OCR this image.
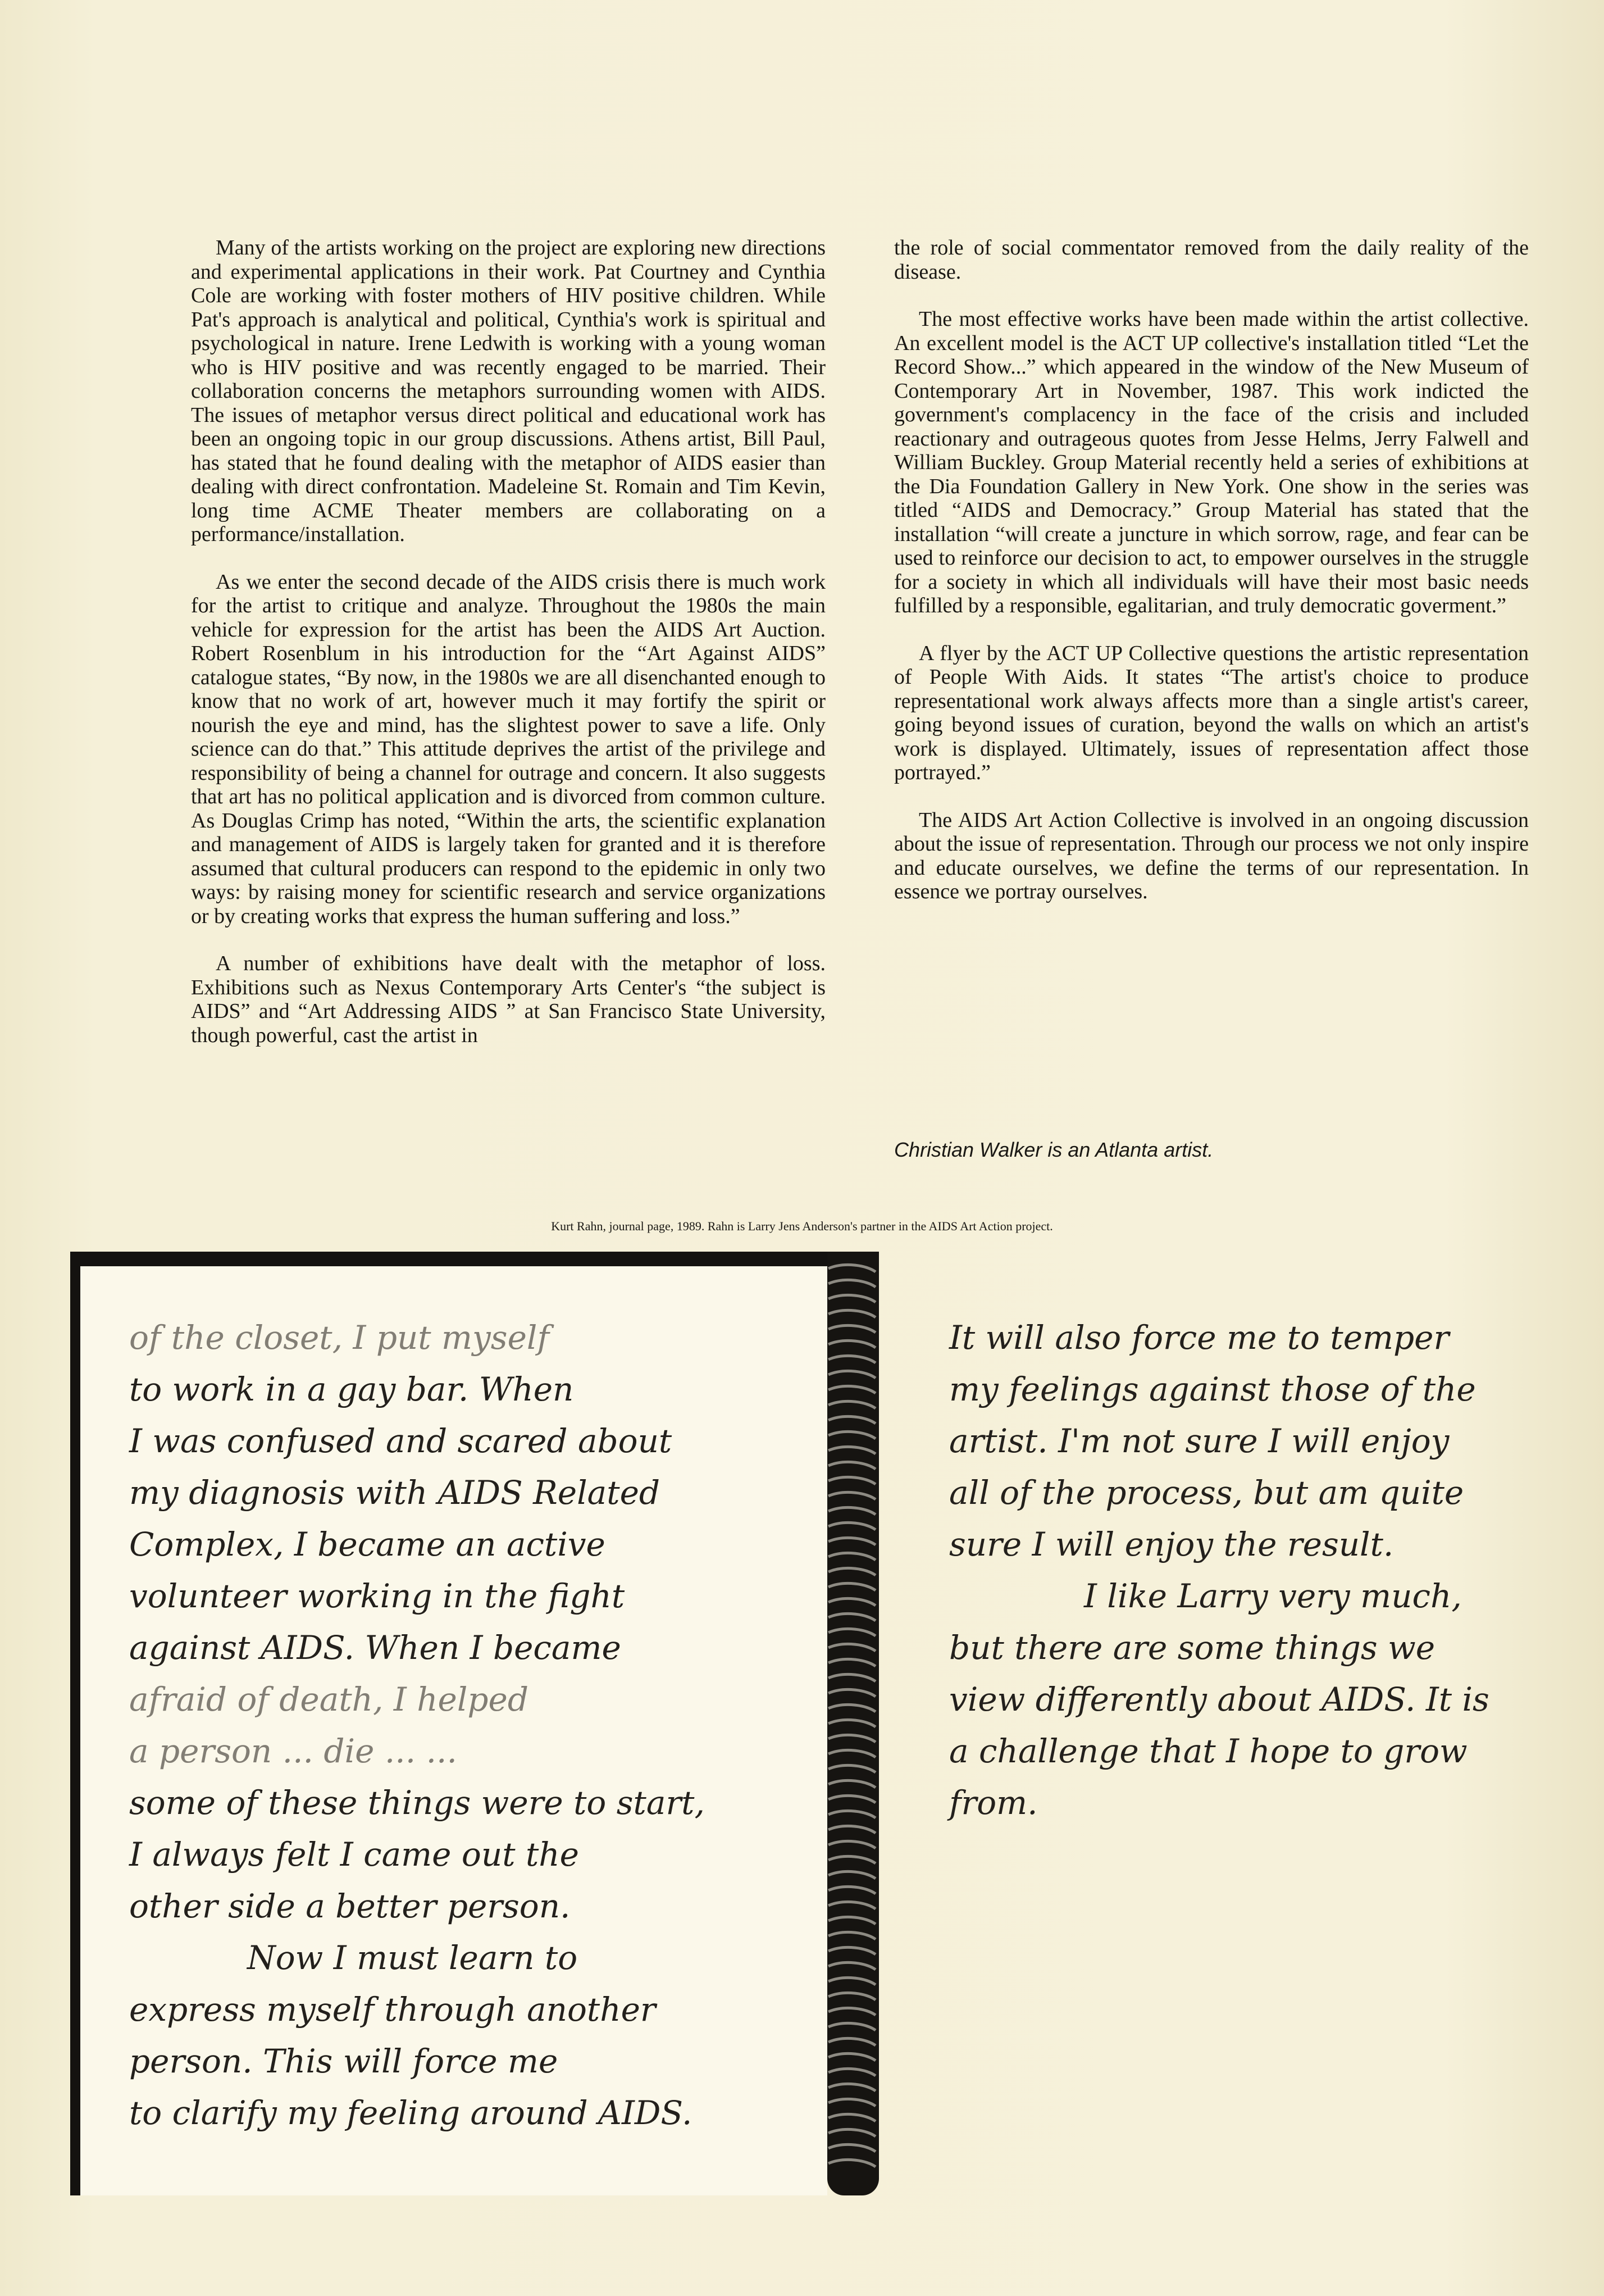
Many of the artists working on the project are exploring new directions and experimental applications in their work. Pat Courtney and Cynthia Cole are working with foster mothers of HIV positive children. While Pat's approach is analytical and political, Cynthia's work is spiritual and psychological in nature. Irene Ledwith is working with a young woman who is HIV positive and was recently engaged to be married. Their collaboration concerns the metaphors surrounding women with AIDS. The issues of metaphor versus direct political and educational work has been an ongoing topic in our group discussions. Athens artist, Bill Paul, has stated that he found dealing with the metaphor of AIDS easier than dealing with direct confrontation. Madeleine St. Romain and Tim Kevin, long time ACME Theater members are collaborating on a performance/installation.

As we enter the second decade of the AIDS crisis there is much work for the artist to critique and analyze. Throughout the 1980s the main vehicle for expression for the artist has been the AIDS Art Auction. Robert Rosenblum in his introduction for the “Art Against AIDS” catalogue states, “By now, in the 1980s we are all disenchanted enough to know that no work of art, however much it may fortify the spirit or nourish the eye and mind, has the slightest power to save a life. Only science can do that.” This attitude deprives the artist of the privilege and responsibility of being a channel for outrage and concern. It also suggests that art has no political application and is divorced from common culture. As Douglas Crimp has noted, “Within the arts, the scientific explanation and management of AIDS is largely taken for granted and it is therefore assumed that cultural producers can respond to the epidemic in only two ways: by raising money for scientific research and service organizations or by creating works that express the human suffering and loss.”

A number of exhibitions have dealt with the metaphor of loss. Exhibitions such as Nexus Contemporary Arts Center's “the subject is AIDS” and “Art Addressing AIDS ” at San Francisco State University, though powerful, cast the artist in

the role of social commentator removed from the daily reality of the disease.

The most effective works have been made within the artist collective. An excellent model is the ACT UP collective's installation titled “Let the Record Show...” which appeared in the window of the New Museum of Contemporary Art in November, 1987. This work indicted the government's complacency in the face of the crisis and included reactionary and outrageous quotes from Jesse Helms, Jerry Falwell and William Buckley. Group Material recently held a series of exhibitions at the Dia Foundation Gallery in New York. One show in the series was titled “AIDS and Democracy.” Group Material has stated that the installation “will create a juncture in which sorrow, rage, and fear can be used to reinforce our decision to act, to empower ourselves in the struggle for a society in which all individuals will have their most basic needs fulfilled by a responsible, egalitarian, and truly democratic goverment.”

A flyer by the ACT UP Collective questions the artistic representation of People With Aids. It states “The artist's choice to produce representational work always affects more than a single artist's career, going beyond issues of curation, beyond the walls on which an artist's work is displayed. Ultimately, issues of representation affect those portrayed.”

The AIDS Art Action Collective is involved in an ongoing discussion about the issue of representation. Through our process we not only inspire and educate ourselves, we define the terms of our representation. In essence we portray ourselves.

Christian Walker is an Atlanta artist.
Kurt Rahn, journal page, 1989. Rahn is Larry Jens Anderson's partner in the AIDS Art Action project.
of the closet, I put myself
to work in a gay bar. When
I was confused and scared about
my diagnosis with AIDS Related
Complex, I became an active
volunteer working in the fight
against AIDS. When I became
afraid of death, I helped
a person ... die ... ...
some of these things were to start,
I always felt I came out the
other side a better person.
Now I must learn to
express myself through another
person. This will force me
to clarify my feeling around AIDS.
It will also force me to temper
my feelings against those of the
artist. I'm not sure I will enjoy
all of the process, but am quite
sure I will enjoy the result.
I like Larry very much,
but there are some things we
view differently about AIDS. It is
a challenge that I hope to grow
from.
